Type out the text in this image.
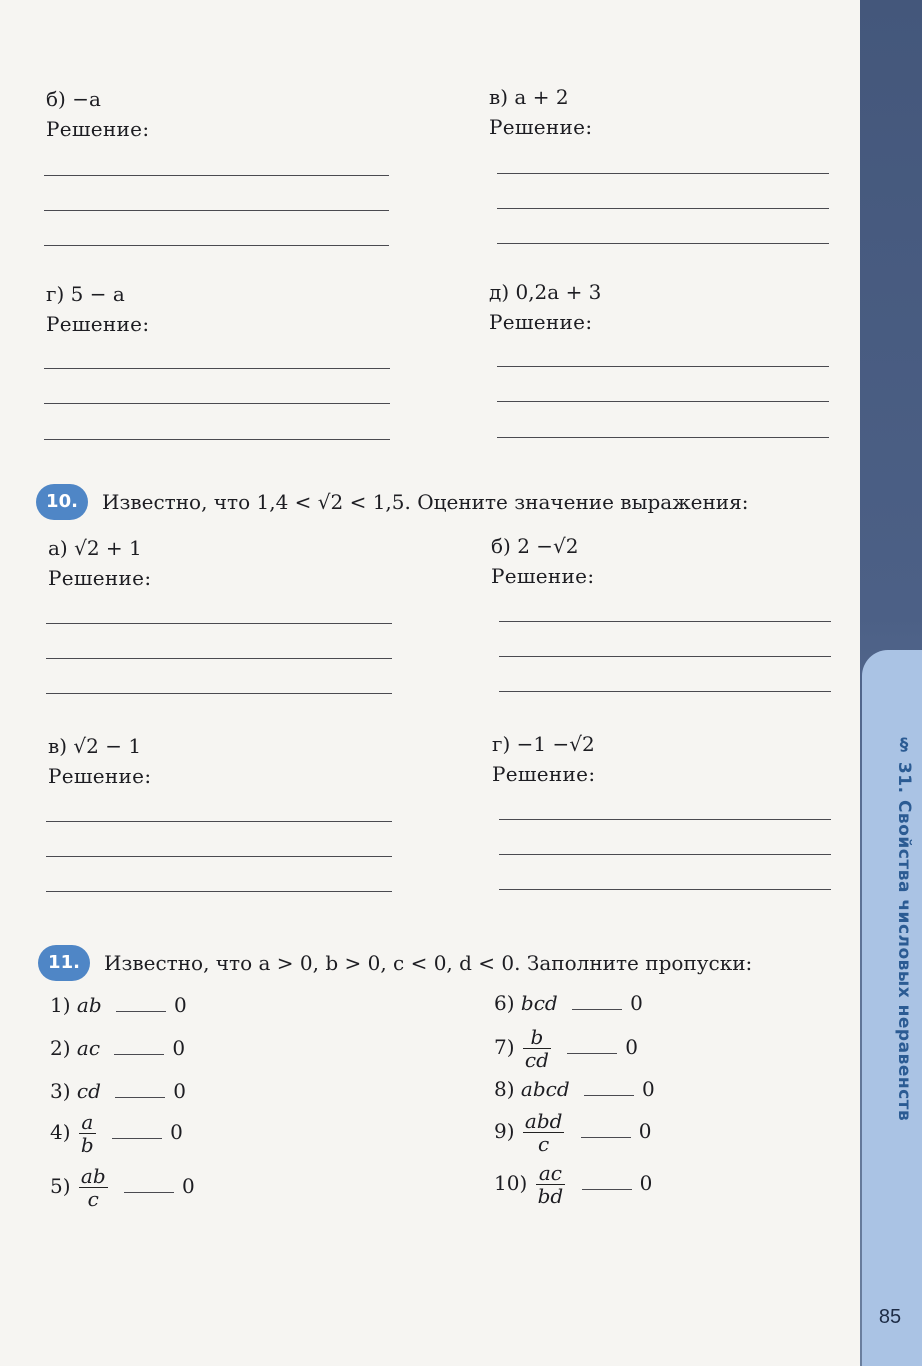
б) −a
Решение:
в) a + 2
Решение:
г) 5 − a
Решение:
д) 0,2a + 3
Решение:
10.	Известно, что 1,4 < √2 < 1,5. Оцените значение выражения:
а) √2 + 1
Решение:
б) 2 −√2
Решение:
в) √2 − 1
Решение:
г) −1 −√2
Решение:
11.	Известно, что a > 0, b > 0, c < 0, d < 0. Заполните пропуски:
1) ab	0
2) ac	0
3) cd	0
$4) \frac{a}{b}$	0
$5) \frac{ab}{c}$	0
6) bcd	0
$7) \frac{b}{cd}$	0
8) abcd	0
$9) \frac{\text{abd}}{c}$	0
$10) \frac{ac}{bd}$	0
§ 31. Свойства числовых неравенств
85
